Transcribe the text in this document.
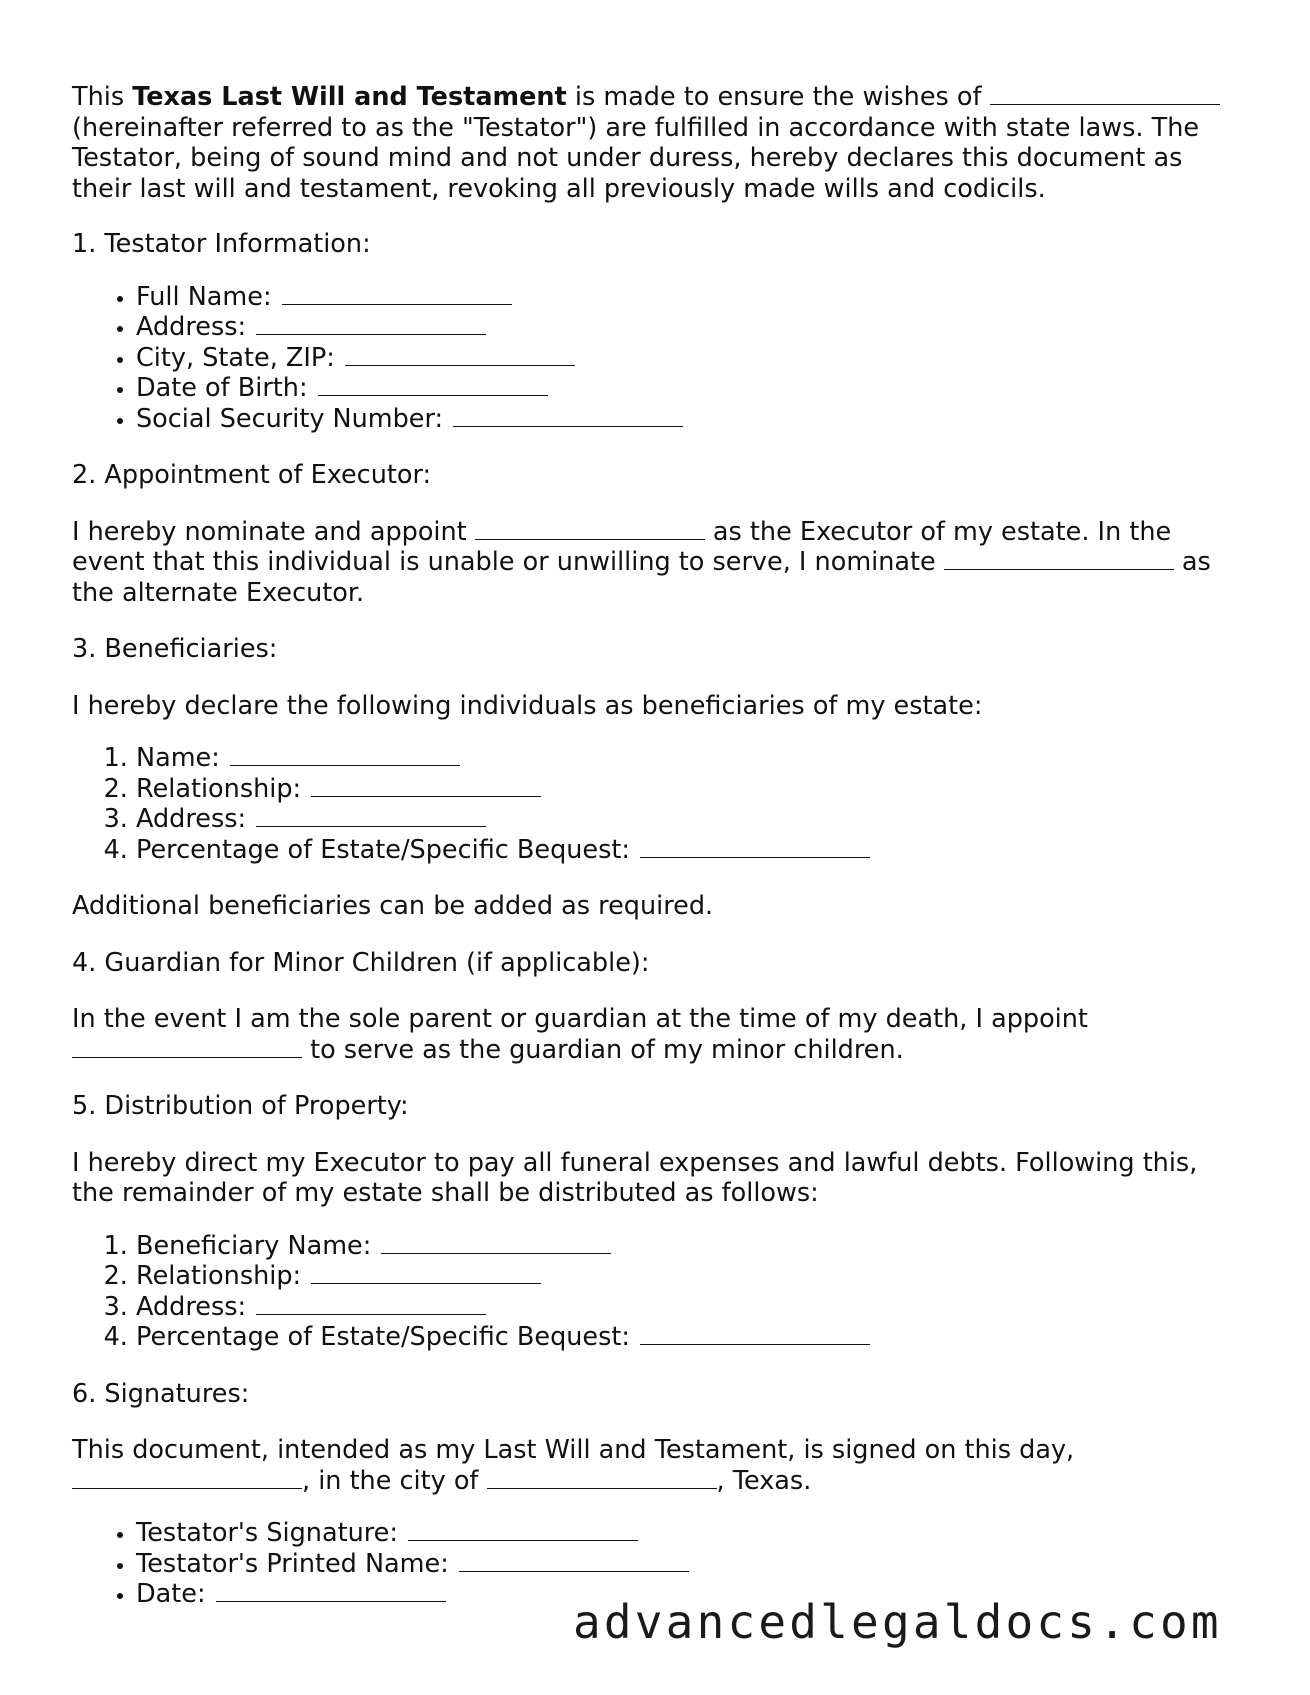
This Texas Last Will and Testament is made to ensure the wishes of  (hereinafter referred to as the "Testator") are fulfilled in accordance with state laws. The Testator, being of sound mind and not under duress, hereby declares this document as their last will and testament, revoking all previously made wills and codicils.

1. Testator Information:

• Full Name:
• Address:
• City, State, ZIP:
• Date of Birth:
• Social Security Number:

2. Appointment of Executor:

I hereby nominate and appoint	as the Executor of my estate. In the event that this individual is unable or unwilling to serve, I nominate	as the alternate Executor.

3. Beneficiaries:

I hereby declare the following individuals as beneficiaries of my estate:

1. Name:
2. Relationship:
3. Address:
4. Percentage of Estate/Specific Bequest:

Additional beneficiaries can be added as required.

4. Guardian for Minor Children (if applicable):

In the event I am the sole parent or guardian at the time of my death, I appoint  to serve as the guardian of my minor children.

5. Distribution of Property:

I hereby direct my Executor to pay all funeral expenses and lawful debts. Following this, the remainder of my estate shall be distributed as follows:

1. Beneficiary Name:
2. Relationship:
3. Address:
4. Percentage of Estate/Specific Bequest:

6. Signatures:

This document, intended as my Last Will and Testament, is signed on this day, , in the city of	, Texas.

• Testator's Signature:
• Testator's Printed Name:
• Date:
advancedlegaldocs.com
